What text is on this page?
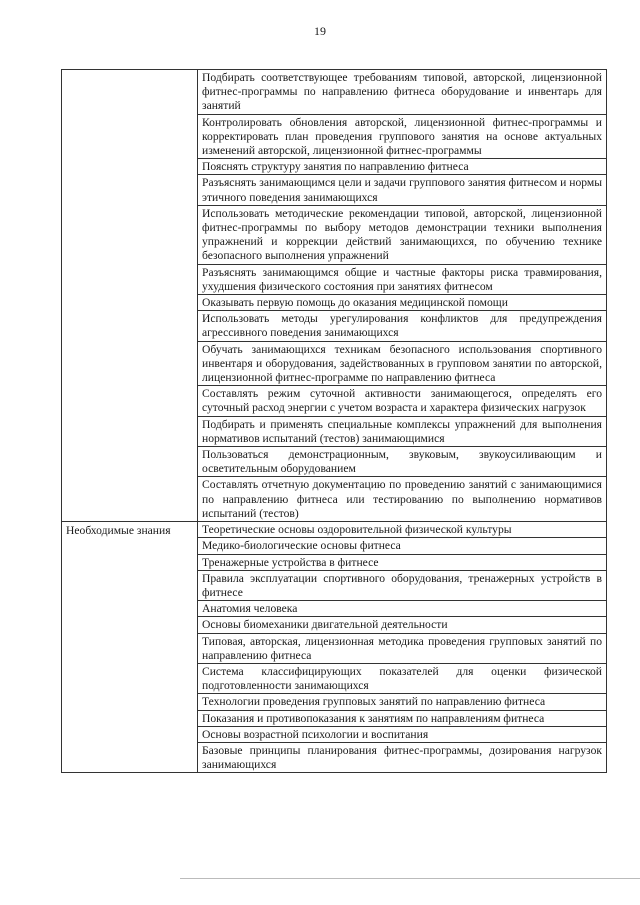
19

	Подбирать соответствующее требованиям типовой, авторской, лицензионной фитнес-программы по направлению фитнеса оборудование и инвентарь для занятий

	Контролировать обновления авторской, лицензионной фитнес-программы и корректировать план проведения группового занятия на основе актуальных изменений авторской, лицензионной фитнес-программы

	Пояснять структуру занятия по направлению фитнеса

	Разъяснять занимающимся цели и задачи группового занятия фитнесом и нормы этичного поведения занимающихся

	Использовать методические рекомендации типовой, авторской, лицензионной фитнес-программы по выбору методов демонстрации техники выполнения упражнений и коррекции действий занимающихся, по обучению технике безопасного выполнения упражнений

	Разъяснять занимающимся общие и частные факторы риска травмирования, ухудшения физического состояния при занятиях фитнесом

	Оказывать первую помощь до оказания медицинской помощи

	Использовать методы урегулирования конфликтов для предупреждения агрессивного поведения занимающихся

	Обучать занимающихся техникам безопасного использования спортивного инвентаря и оборудования, задействованных в групповом занятии по авторской, лицензионной фитнес-программе по направлению фитнеса

	Составлять режим суточной активности занимающегося, определять его суточный расход энергии с учетом возраста и характера физических нагрузок

	Подбирать и применять специальные комплексы упражнений для выполнения нормативов испытаний (тестов) занимающимися

	Пользоваться демонстрационным, звуковым, звукоусиливающим и осветительным оборудованием

	Составлять отчетную документацию по проведению занятий с занимающимися по направлению фитнеса или тестированию по выполнению нормативов испытаний (тестов)

Необходимые знания	Теоретические основы оздоровительной физической культуры

	Медико-биологические основы фитнеса

	Тренажерные устройства в фитнесе

	Правила эксплуатации спортивного оборудования, тренажерных устройств в фитнесе

	Анатомия человека

	Основы биомеханики двигательной деятельности

	Типовая, авторская, лицензионная методика проведения групповых занятий по направлению фитнеса

	Система классифицирующих показателей для оценки физической подготовленности занимающихся

	Технологии проведения групповых занятий по направлению фитнеса

	Показания и противопоказания к занятиям по направлениям фитнеса

	Основы возрастной психологии и воспитания

	Базовые принципы планирования фитнес-программы, дозирования нагрузок занимающихся
